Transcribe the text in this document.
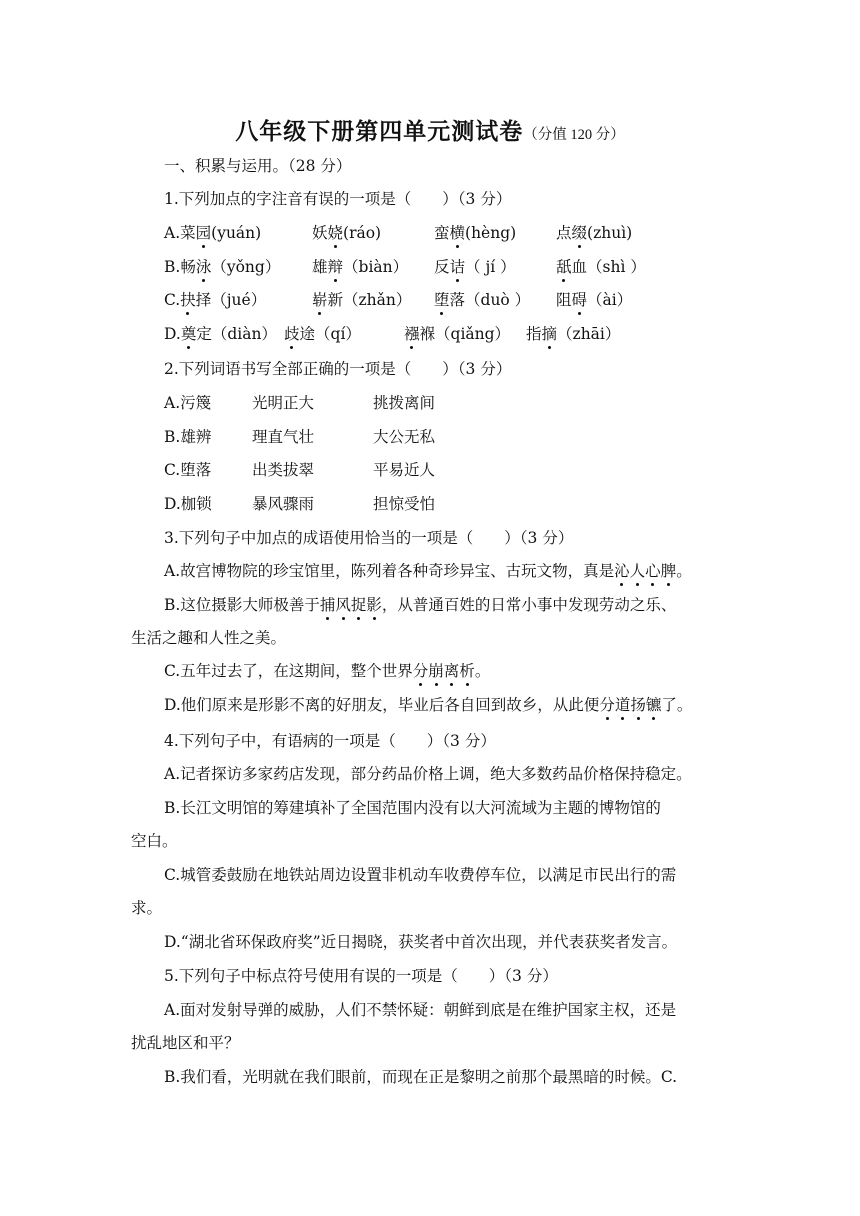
八年级下册第四单元测试卷（分值 120 分）
一、积累与运用。（28 分）
1.下列加点的字注音有误的一项是（　　）（3 分）
A.菜园(yuán)	妖娆(ráo)	蛮横(hèng)	点缀(zhuì)
B.畅泳（yǒng） 雄辩（biàn） 反诘（ jí ）	舐血（shì ）
C.抉择（jué）	崭新（zhǎn） 堕落（duò ） 阻碍（ài）
D.奠定（diàn） 歧途（qí）	襁褓（qiǎng） 指摘（zhāi）
2.下列词语书写全部正确的一项是（　　）（3 分）
A.污篾	光明正大	挑拨离间
B.雄辨	理直气壮	大公无私
C.堕落	出类拔翠	平易近人
D.枷锁	暴风骤雨	担惊受怕
3.下列句子中加点的成语使用恰当的一项是（　　）（3 分）
A.故宫博物院的珍宝馆里，陈列着各种奇珍异宝、古玩文物，真是沁人心脾。
B.这位摄影大师极善于捕风捉影，从普通百姓的日常小事中发现劳动之乐、
生活之趣和人性之美。
C.五年过去了，在这期间，整个世界分崩离析。
D.他们原来是形影不离的好朋友，毕业后各自回到故乡，从此便分道扬镳了。
4.下列句子中，有语病的一项是（　　）（3 分）
A.记者探访多家药店发现，部分药品价格上调，绝大多数药品价格保持稳定。
B.长江文明馆的筹建填补了全国范围内没有以大河流域为主题的博物馆的
空白。
C.城管委鼓励在地铁站周边设置非机动车收费停车位，以满足市民出行的需
求。
D.“湖北省环保政府奖”近日揭晓，获奖者中首次出现，并代表获奖者发言。
5.下列句子中标点符号使用有误的一项是（　　）（3 分）
A.面对发射导弹的威胁，人们不禁怀疑：朝鲜到底是在维护国家主权，还是
扰乱地区和平？
B.我们看，光明就在我们眼前，而现在正是黎明之前那个最黑暗的时候。C.
